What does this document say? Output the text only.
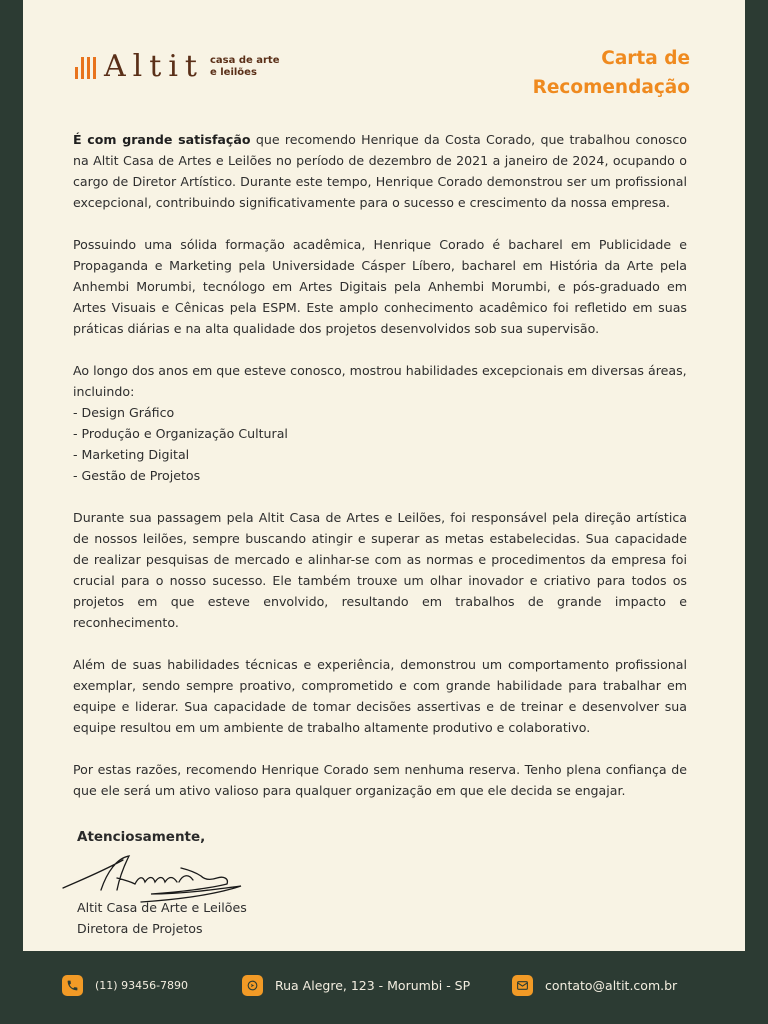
Altit casa de arte
e leilões
Carta de
Recomendação

É com grande satisfação que recomendo Henrique da Costa Corado, que trabalhou conosco na Altit Casa de Artes e Leilões no período de dezembro de 2021 a janeiro de 2024, ocupando o cargo de Diretor Artístico. Durante este tempo, Henrique Corado demonstrou ser um profissional excepcional, contribuindo significativamente para o sucesso e crescimento da nossa empresa.

Possuindo uma sólida formação acadêmica, Henrique Corado é bacharel em Publicidade e Propaganda e Marketing pela Universidade Cásper Líbero, bacharel em História da Arte pela Anhembi Morumbi, tecnólogo em Artes Digitais pela Anhembi Morumbi, e pós-graduado em Artes Visuais e Cênicas pela ESPM. Este amplo conhecimento acadêmico foi refletido em suas práticas diárias e na alta qualidade dos projetos desenvolvidos sob sua supervisão.

Ao longo dos anos em que esteve conosco, mostrou habilidades excepcionais em diversas áreas, incluindo:
- Design Gráfico
- Produção e Organização Cultural
- Marketing Digital
- Gestão de Projetos

Durante sua passagem pela Altit Casa de Artes e Leilões, foi responsável pela direção artística de nossos leilões, sempre buscando atingir e superar as metas estabelecidas. Sua capacidade de realizar pesquisas de mercado e alinhar-se com as normas e procedimentos da empresa foi crucial para o nosso sucesso. Ele também trouxe um olhar inovador e criativo para todos os projetos em que esteve envolvido, resultando em trabalhos de grande impacto e reconhecimento.

Além de suas habilidades técnicas e experiência, demonstrou um comportamento profissional exemplar, sendo sempre proativo, comprometido e com grande habilidade para trabalhar em equipe e liderar. Sua capacidade de tomar decisões assertivas e de treinar e desenvolver sua equipe resultou em um ambiente de trabalho altamente produtivo e colaborativo.

Por estas razões, recomendo Henrique Corado sem nenhuma reserva. Tenho plena confiança de que ele será um ativo valioso para qualquer organização em que ele decida se engajar.

Atenciosamente,
Altit Casa de Arte e Leilões
Diretora de Projetos
(11) 93456-7890	Rua Alegre, 123 - Morumbi - SP	contato@altit.com.br
